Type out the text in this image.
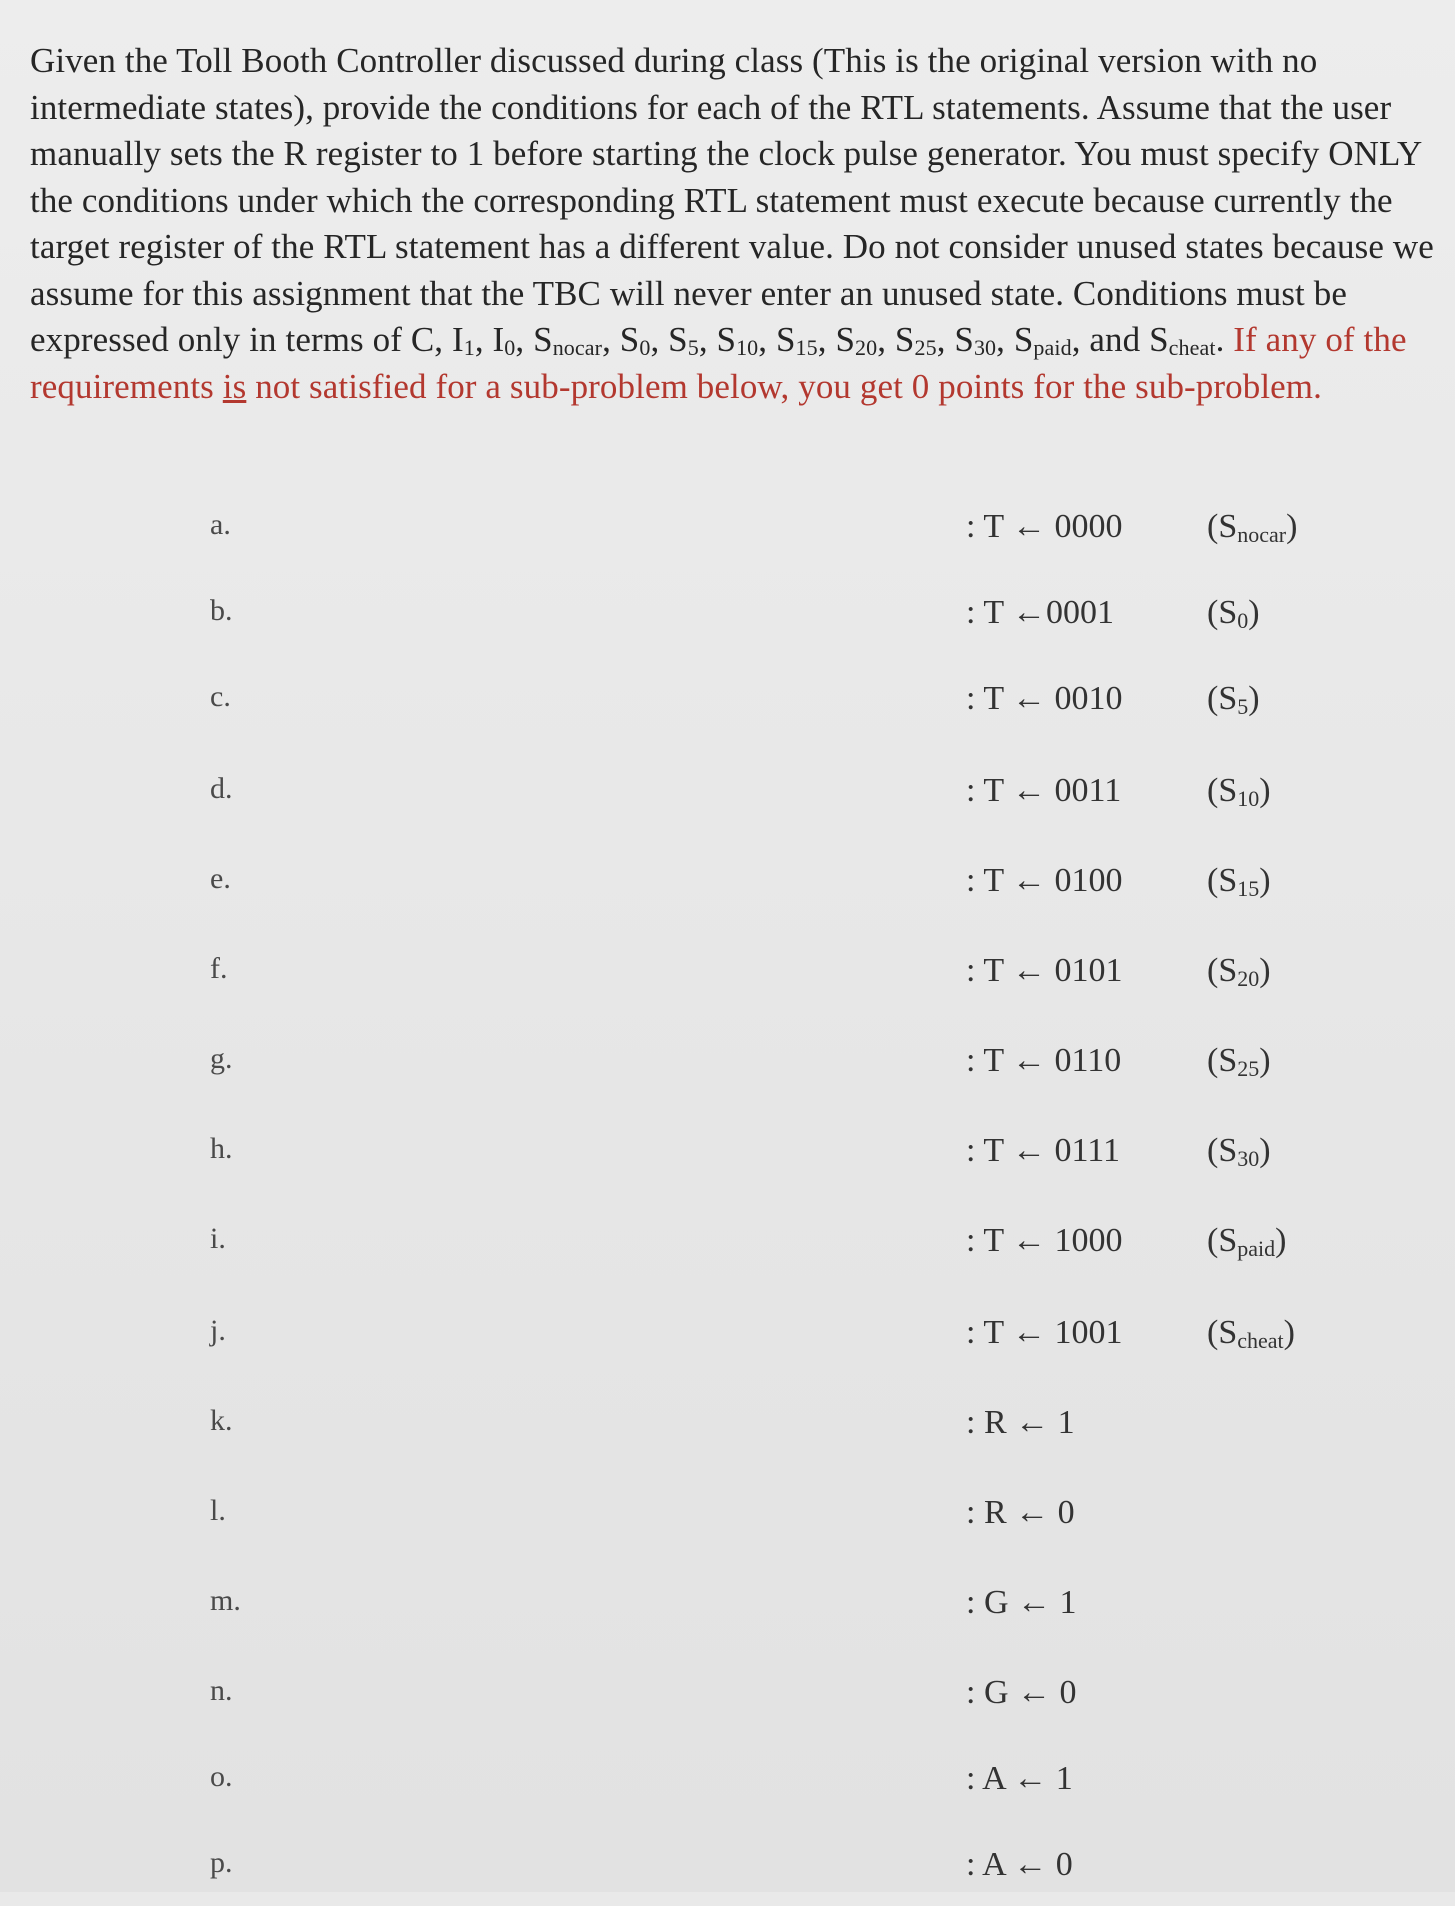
Given the Toll Booth Controller discussed during class (This is the original version with no intermediate states), provide the conditions for each of the RTL statements. Assume that the user manually sets the R register to 1 before starting the clock pulse generator. You must specify ONLY the conditions under which the corresponding RTL statement must execute because currently the target register of the RTL statement has a different value. Do not consider unused states because we assume for this assignment that the TBC will never enter an unused state. Conditions must be expressed only in terms of C, $I_1$, $I_0$, $S_{nocar}$, $S_0$, $S_5$, $S_{10}$, $S_{15}$, $S_{20}$, $S_{25}$, $S_{30}$, $S_{paid}$, and $S_{cheat}$. If any of the requirements is not satisfied for a sub-problem below, you get 0 points for the sub-problem.
a.	: T ← 0000 $(S_{nocar})$
b.	: T ←0001	$(S_0)$
c.	: T ← 0010 $(S_5)$
d.	: T ← 0011	$(S_{10})$
e.	: T ← 0100 $(S_{15})$
f.	: T ← 0101 $(S_{20})$
g.	: T ← 0110	$(S_{25})$
h.	: T ← 0111	$(S_{30})$
i.	: T ← 1000 $(S_{paid})$
j.	: T ← 1001 $(S_{cheat})$
k.	: R ← 1
l.	: R ← 0
m.	: G ← 1
n.	: G ← 0
o.	: A ← 1
p.	: A ← 0
